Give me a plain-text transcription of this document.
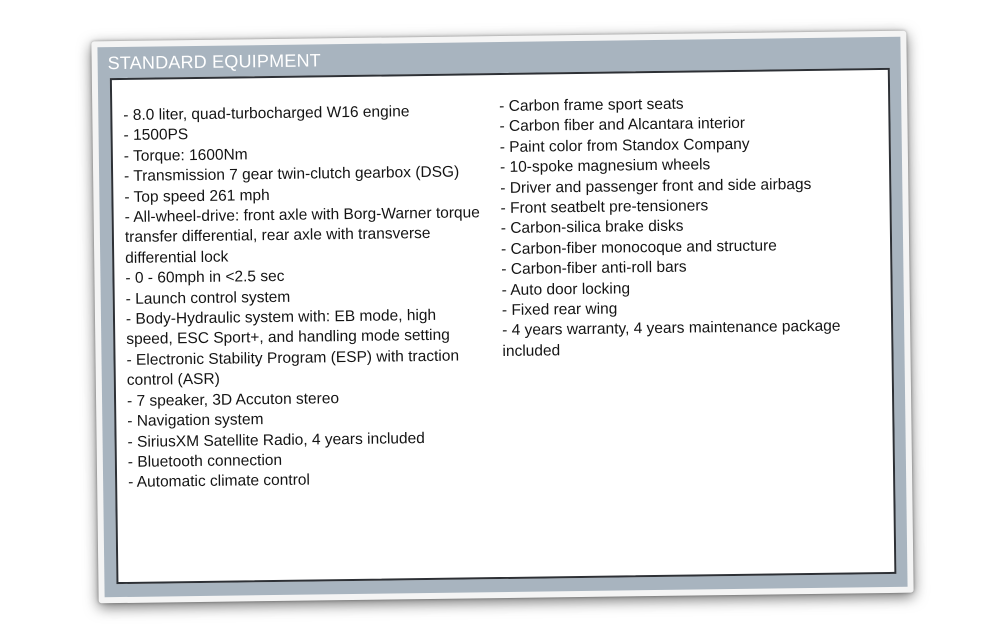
STANDARD EQUIPMENT

- 8.0 liter, quad-turbocharged W16 engine

- 1500PS

- Torque: 1600Nm

- Transmission 7 gear twin-clutch gearbox (DSG)

- Top speed 261 mph

- All-wheel-drive: front axle with Borg-Warner torque transfer differential, rear axle with transverse differential lock

- 0 - 60mph in <2.5 sec

- Launch control system

- Body-Hydraulic system with: EB mode, high speed, ESC Sport+, and handling mode setting

- Electronic Stability Program (ESP) with traction control (ASR)

- 7 speaker, 3D Accuton stereo

- Navigation system

- SiriusXM Satellite Radio, 4 years included

- Bluetooth connection

- Automatic climate control

- Carbon frame sport seats

- Carbon fiber and Alcantara interior

- Paint color from Standox Company

- 10-spoke magnesium wheels

- Driver and passenger front and side airbags

- Front seatbelt pre-tensioners

- Carbon-silica brake disks

- Carbon-fiber monocoque and structure

- Carbon-fiber anti-roll bars

- Auto door locking

- Fixed rear wing

- 4 years warranty, 4 years maintenance package included
